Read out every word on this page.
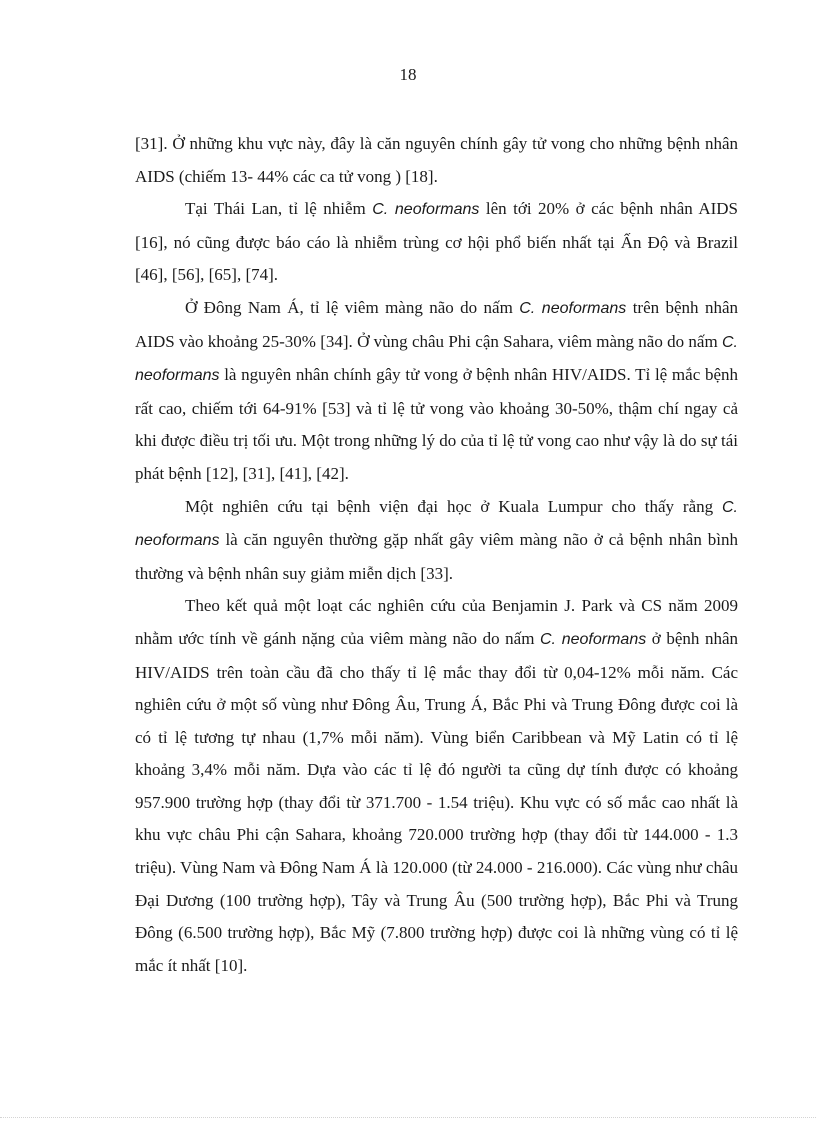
18

[31]. Ở những khu vực này, đây là căn nguyên chính gây tử vong cho những bệnh nhân AIDS (chiếm 13- 44% các ca tử vong ) [18].

Tại Thái Lan, tỉ lệ nhiễm C. neoformans lên tới 20% ở các bệnh nhân AIDS [16], nó cũng được báo cáo là nhiễm trùng cơ hội phổ biến nhất tại Ấn Độ và Brazil [46], [56], [65], [74].

Ở Đông Nam Á, tỉ lệ viêm màng não do nấm C. neoformans trên bệnh nhân AIDS vào khoảng 25-30% [34]. Ở vùng châu Phi cận Sahara, viêm màng não do nấm C. neoformans là nguyên nhân chính gây tử vong ở bệnh nhân HIV/AIDS. Tỉ lệ mắc bệnh rất cao, chiếm tới 64-91% [53] và tỉ lệ tử vong vào khoảng 30-50%, thậm chí ngay cả khi được điều trị tối ưu. Một trong những lý do của tỉ lệ tử vong cao như vậy là do sự tái phát bệnh [12], [31], [41], [42].

Một nghiên cứu tại bệnh viện đại học ở Kuala Lumpur cho thấy rằng C. neoformans là căn nguyên thường gặp nhất gây viêm màng não ở cả bệnh nhân bình thường và bệnh nhân suy giảm miễn dịch [33].

Theo kết quả một loạt các nghiên cứu của Benjamin J. Park và CS năm 2009 nhằm ước tính về gánh nặng của viêm màng não do nấm C. neoformans ở bệnh nhân HIV/AIDS trên toàn cầu đã cho thấy tỉ lệ mắc thay đổi từ 0,04-12% mỗi năm. Các nghiên cứu ở một số vùng như Đông Âu, Trung Á, Bắc Phi và Trung Đông được coi là có tỉ lệ tương tự nhau (1,7% mỗi năm). Vùng biển Caribbean và Mỹ Latin có tỉ lệ khoảng 3,4% mỗi năm. Dựa vào các tỉ lệ đó người ta cũng dự tính được có khoảng 957.900 trường hợp (thay đổi từ 371.700 - 1.54 triệu). Khu vực có số mắc cao nhất là khu vực châu Phi cận Sahara, khoảng 720.000 trường hợp (thay đổi từ 144.000 - 1.3 triệu). Vùng Nam và Đông Nam Á là 120.000 (từ 24.000 - 216.000). Các vùng như châu Đại Dương (100 trường hợp), Tây và Trung Âu (500 trường hợp), Bắc Phi và Trung Đông (6.500 trường hợp), Bắc Mỹ (7.800 trường hợp) được coi là những vùng có tỉ lệ mắc ít nhất [10].
